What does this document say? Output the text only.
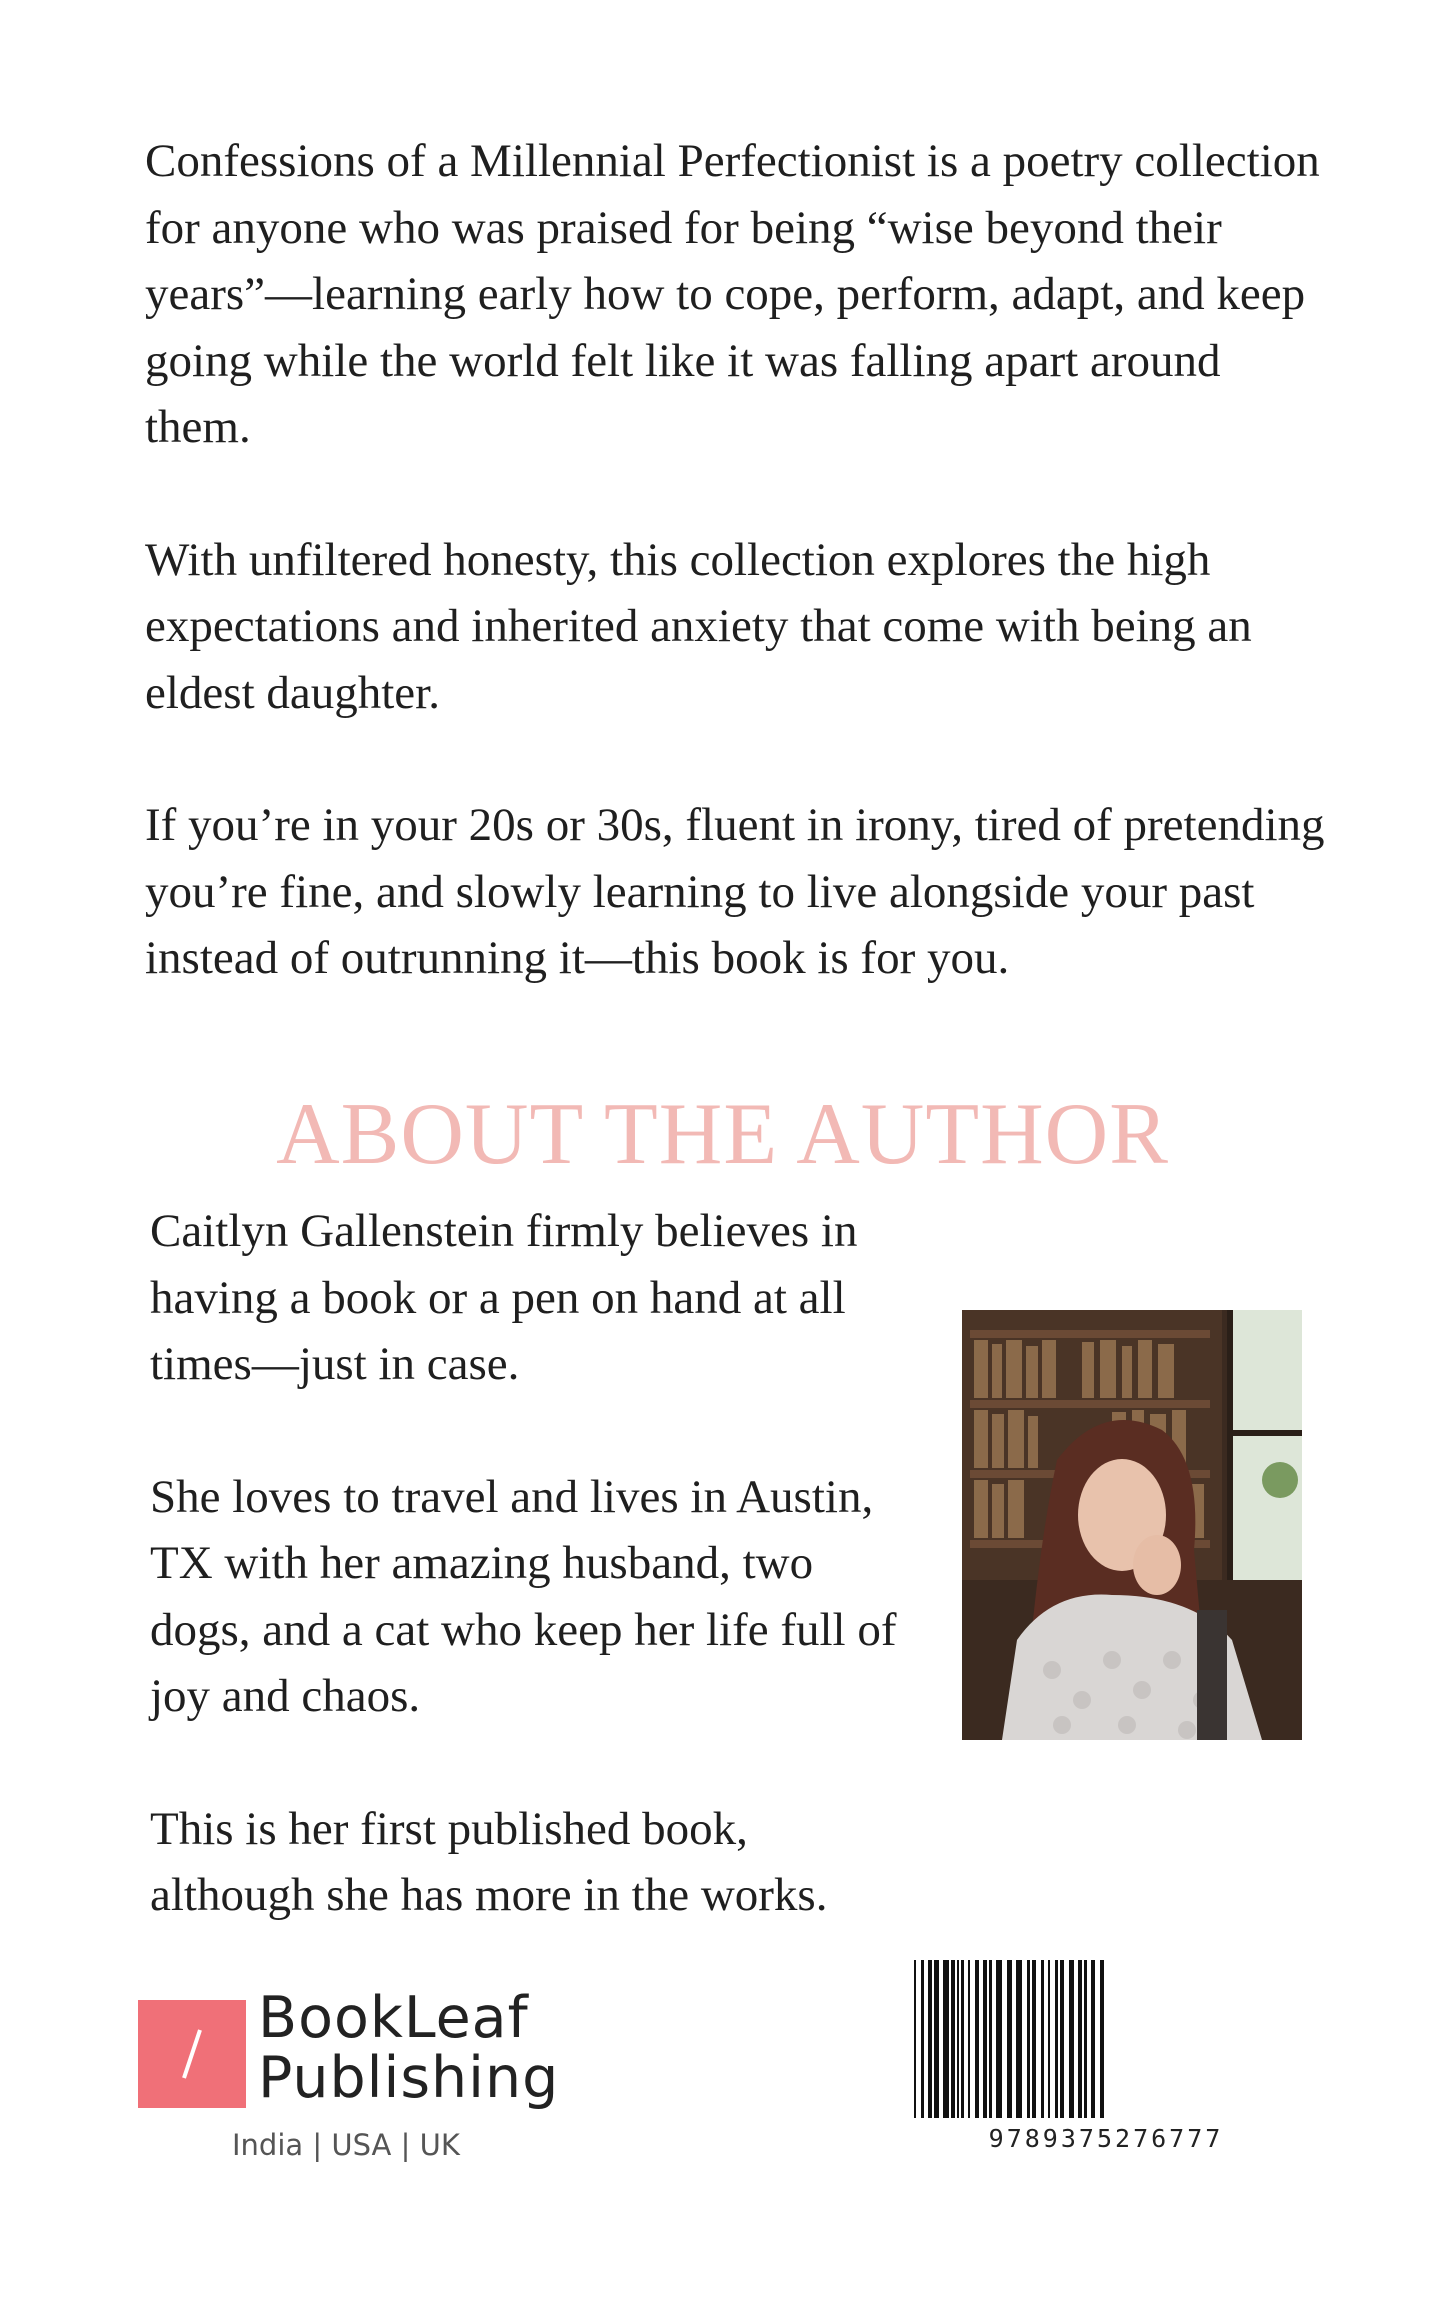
Confessions of a Millennial Perfectionist is a poetry collection for anyone who was praised for being “wise beyond their years”—learning early how to cope, perform, adapt, and keep going while the world felt like it was falling apart around them.

With unfiltered honesty, this collection explores the high expectations and inherited anxiety that come with being an eldest daughter.

If you’re in your 20s or 30s, fluent in irony, tired of pretending you’re fine, and slowly learning to live alongside your past instead of outrunning it—this book is for you.

ABOUT THE AUTHOR

Caitlyn Gallenstein firmly believes in having a book or a pen on hand at all times—just in case.

She loves to travel and lives in Austin, TX with her amazing husband, two dogs, and a cat who keep her life full of joy and chaos.

This is her first published book, although she has more in the works.

BookLeaf
Publishing
India | USA | UK	9789375276777
